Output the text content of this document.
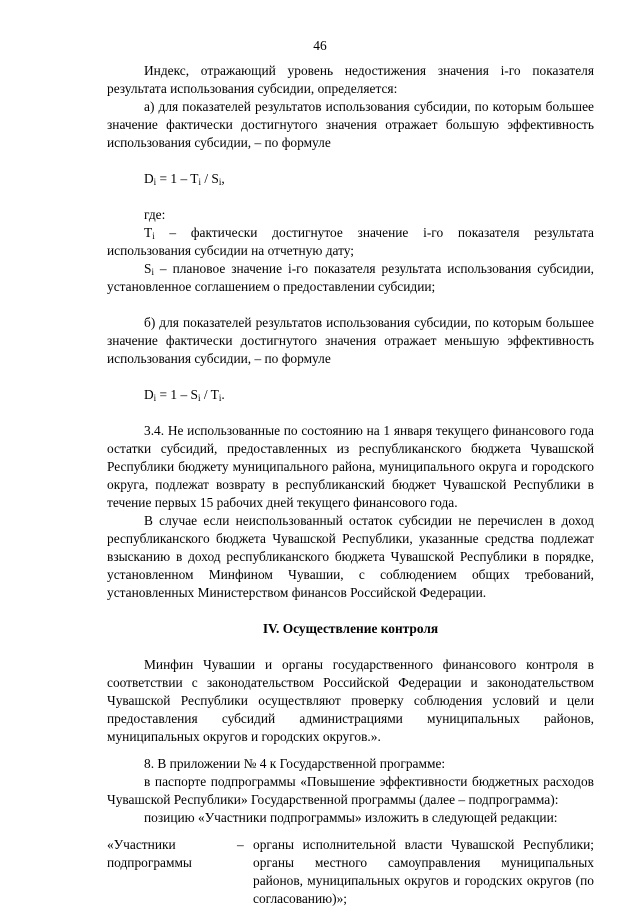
46

Индекс, отражающий уровень недостижения значения i-го показателя результата использования субсидии, определяется:

а) для показателей результатов использования субсидии, по которым большее значение фактически достигнутого значения отражает большую эффективность использования субсидии, – по формуле

$D_i = 1 - T_i / S_i$,

где:

$T_i$ – фактически достигнутое значение i-го показателя результата использования субсидии на отчетную дату;

$S_i$ – плановое значение i-го показателя результата использования субсидии, установленное соглашением о предоставлении субсидии;

б) для показателей результатов использования субсидии, по которым большее значение фактически достигнутого значения отражает меньшую эффективность использования субсидии, – по формуле

$D_i = 1 - S_i / T_i$.

3.4. Не использованные по состоянию на 1 января текущего финансового года остатки субсидий, предоставленных из республиканского бюджета Чувашской Республики бюджету муниципального района, муниципального округа и городского округа, подлежат возврату в республиканский бюджет Чувашской Республики в течение первых 15 рабочих дней текущего финансового года.

В случае если неиспользованный остаток субсидии не перечислен в доход республиканского бюджета Чувашской Республики, указанные средства подлежат взысканию в доход республиканского бюджета Чувашской Республики в порядке, установленном Минфином Чувашии, с соблюдением общих требований, установленных Министерством финансов Российской Федерации.

IV. Осуществление контроля

Минфин Чувашии и органы государственного финансового контроля в соответствии с законодательством Российской Федерации и законодательством Чувашской Республики осуществляют проверку соблюдения условий и цели предоставления субсидий администрациями муниципальных районов, муниципальных округов и городских округов.».

8. В приложении № 4 к Государственной программе:

в паспорте подпрограммы «Повышение эффективности бюджетных расходов Чувашской Республики» Государственной программы (далее – подпрограмма):

позицию «Участники подпрограммы» изложить в следующей редакции:

«Участники подпрограммы
– органы исполнительной власти Чувашской Республики; органы местного самоуправления муниципальных районов, муниципальных округов и городских округов (по согласованию)»;
